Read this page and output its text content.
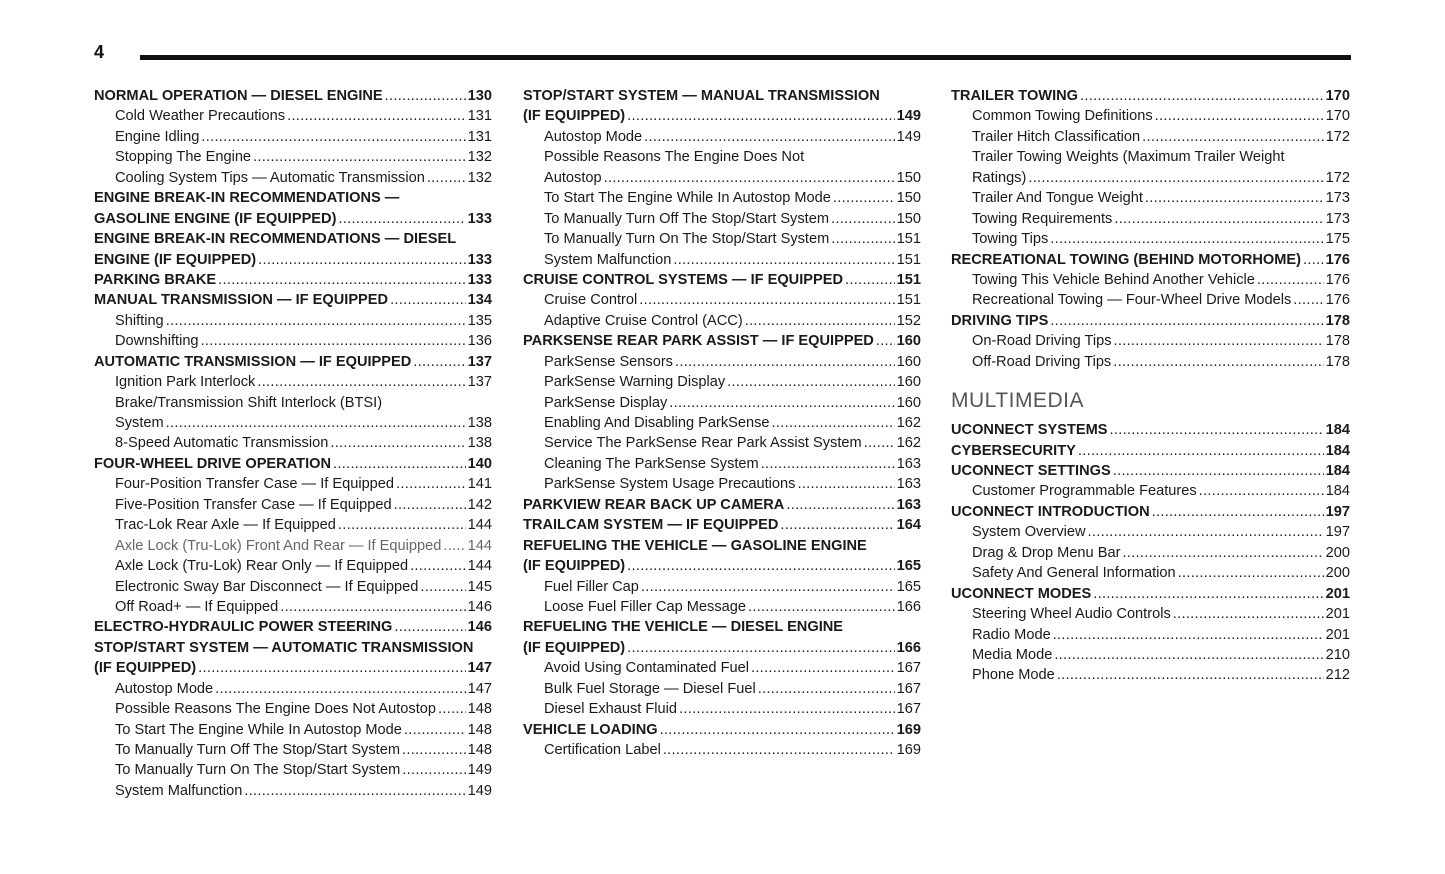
4
NORMAL OPERATION — DIESEL ENGINE .....	130
Cold Weather Precautions .....	131
Engine Idling .....	131
Stopping The Engine .....	132
Cooling System Tips — Automatic Transmission .....	132
ENGINE BREAK-IN RECOMMENDATIONS —
GASOLINE ENGINE (IF EQUIPPED) .....	133
ENGINE BREAK-IN RECOMMENDATIONS — DIESEL
ENGINE (IF EQUIPPED) .....	133
PARKING BRAKE .....	133
MANUAL TRANSMISSION — IF EQUIPPED .....	134
Shifting .....	135
Downshifting .....	136
AUTOMATIC TRANSMISSION — IF EQUIPPED .....	137
Ignition Park Interlock .....	137
Brake/Transmission Shift Interlock (BTSI)
System .....	138
8-Speed Automatic Transmission .....	138
FOUR-WHEEL DRIVE OPERATION .....	140
Four-Position Transfer Case — If Equipped .....	141
Five-Position Transfer Case — If Equipped .....	142
Trac-Lok Rear Axle — If Equipped .....	144
Axle Lock (Tru-Lok) Front And Rear — If Equipped ..... 144
Axle Lock (Tru-Lok) Rear Only — If Equipped .....	144
Electronic Sway Bar Disconnect — If Equipped .....	145
Off Road+ — If Equipped .....	146
ELECTRO-HYDRAULIC POWER STEERING .....	146
STOP/START SYSTEM — AUTOMATIC TRANSMISSION
(IF EQUIPPED) .....	147
Autostop Mode .....	147
Possible Reasons The Engine Does Not Autostop ..... 148
To Start The Engine While In Autostop Mode .....	148
To Manually Turn Off The Stop/Start System .....	148
To Manually Turn On The Stop/Start System .....	149
System Malfunction .....	149
STOP/START SYSTEM — MANUAL TRANSMISSION
(IF EQUIPPED) .....	149
Autostop Mode .....	149
Possible Reasons The Engine Does Not
Autostop .....	150
To Start The Engine While In Autostop Mode .....	150
To Manually Turn Off The Stop/Start System .....	150
To Manually Turn On The Stop/Start System .....	151
System Malfunction .....	151
CRUISE CONTROL SYSTEMS — IF EQUIPPED .....	151
Cruise Control .....	151
Adaptive Cruise Control (ACC) .....	152
PARKSENSE REAR PARK ASSIST — IF EQUIPPED ..... 160
ParkSense Sensors .....	160
ParkSense Warning Display .....	160
ParkSense Display .....	160
Enabling And Disabling ParkSense .....	162
Service The ParkSense Rear Park Assist System ..... 162
Cleaning The ParkSense System .....	163
ParkSense System Usage Precautions .....	163
PARKVIEW REAR BACK UP CAMERA .....	163
TRAILCAM SYSTEM — IF EQUIPPED .....	164
REFUELING THE VEHICLE — GASOLINE ENGINE
(IF EQUIPPED) .....	165
Fuel Filler Cap .....	165
Loose Fuel Filler Cap Message .....	166
REFUELING THE VEHICLE — DIESEL ENGINE
(IF EQUIPPED) .....	166
Avoid Using Contaminated Fuel .....	167
Bulk Fuel Storage — Diesel Fuel .....	167
Diesel Exhaust Fluid .....	167
VEHICLE LOADING .....	169
Certification Label .....	169
TRAILER TOWING .....	170
Common Towing Definitions .....	170
Trailer Hitch Classification .....	172
Trailer Towing Weights (Maximum Trailer Weight
Ratings) .....	172
Trailer And Tongue Weight .....	173
Towing Requirements .....	173
Towing Tips .....	175
RECREATIONAL TOWING (BEHIND MOTORHOME) ..... 176
Towing This Vehicle Behind Another Vehicle .....	176
Recreational Towing — Four-Wheel Drive Models ..... 176
DRIVING TIPS .....	178
On-Road Driving Tips .....	178
Off-Road Driving Tips .....	178
MULTIMEDIA
UCONNECT SYSTEMS .....	184
CYBERSECURITY .....	184
UCONNECT SETTINGS .....	184
Customer Programmable Features .....	184
UCONNECT INTRODUCTION .....	197
System Overview .....	197
Drag & Drop Menu Bar .....	200
Safety And General Information .....	200
UCONNECT MODES .....	201
Steering Wheel Audio Controls .....	201
Radio Mode .....	201
Media Mode .....	210
Phone Mode .....	212
